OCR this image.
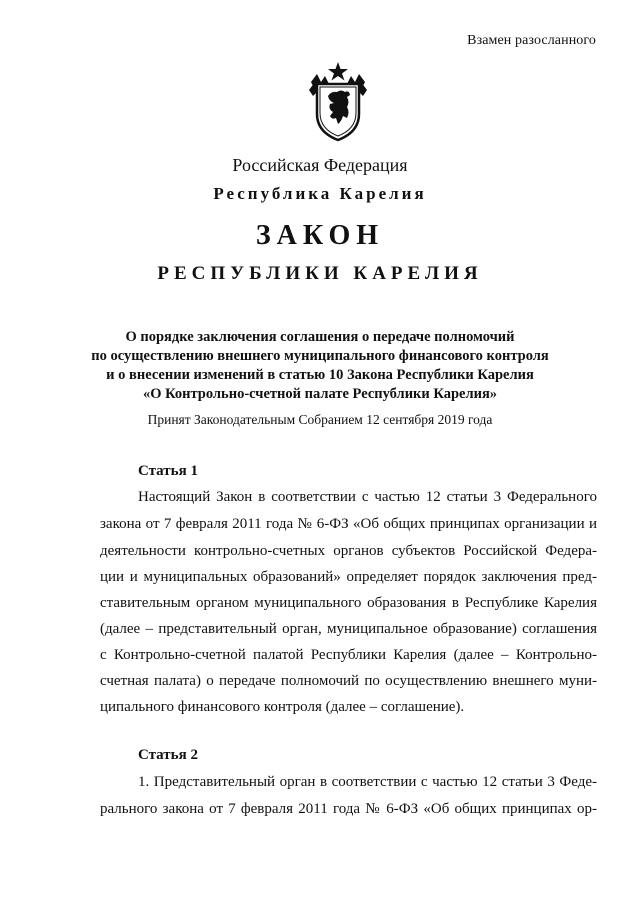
Взамен разосланного
Российская Федерация
Республика Карелия
ЗАКОН
РЕСПУБЛИКИ КАРЕЛИЯ
О порядке заключения соглашения о передаче полномочий
по осуществлению внешнего муниципального финансового контроля
и о внесении изменений в статью 10 Закона Республики Карелия
«О Контрольно-счетной палате Республики Карелия»
Принят Законодательным Собранием 12 сентября 2019 года
Статья 1
Настоящий Закон в соответствии с частью 12 статьи 3 Федерального
закона от 7 февраля 2011 года № 6-ФЗ «Об общих принципах организации и
деятельности контрольно-счетных органов субъектов Российской Федера-
ции и муниципальных образований» определяет порядок заключения пред-
ставительным органом муниципального образования в Республике Карелия
(далее – представительный орган, муниципальное образование) соглашения
с Контрольно-счетной палатой Республики Карелия (далее – Контрольно-
счетная палата) о передаче полномочий по осуществлению внешнего муни-
ципального финансового контроля (далее – соглашение).
Статья 2
1. Представительный орган в соответствии с частью 12 статьи 3 Феде-
рального закона от 7 февраля 2011 года № 6-ФЗ «Об общих принципах ор-
